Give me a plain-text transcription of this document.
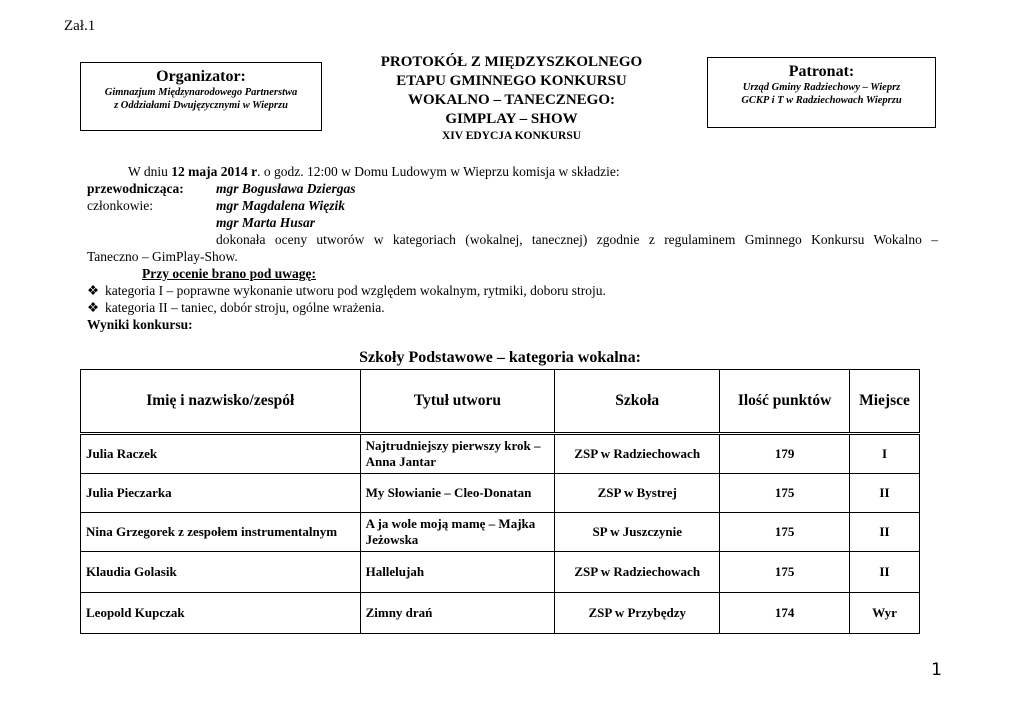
Zał.1
Organizator:
Gimnazjum Międzynarodowego Partnerstwa
z Oddziałami Dwujęzycznymi w Wieprzu
PROTOKÓŁ Z MIĘDZYSZKOLNEGO
ETAPU GMINNEGO KONKURSU
WOKALNO – TANECZNEGO:
GIMPLAY – SHOW
XIV EDYCJA KONKURSU
Patronat:
Urząd Gminy Radziechowy – Wieprz
GCKP i T w Radziechowach Wieprzu
W dniu 12 maja 2014 r. o godz. 12:00 w Domu Ludowym w Wieprzu komisja w składzie:
przewodnicząca: mgr Bogusława Dziergas
członkowie:	mgr Magdalena Więzik
mgr Marta Husar
dokonała oceny utworów w kategoriach (wokalnej, tanecznej) zgodnie z regulaminem Gminnego Konkursu Wokalno –
Taneczno – GimPlay-Show.
Przy ocenie brano pod uwagę:
❖ kategoria I – poprawne wykonanie utworu pod względem wokalnym, rytmiki, doboru stroju.
❖ kategoria II – taniec, dobór stroju, ogólne wrażenia.
Wyniki konkursu:
Szkoły Podstawowe – kategoria wokalna:
Imię i nazwisko/zespół	Tytuł utworu	Szkoła	Ilość punktów	Miejsce
Julia Raczek	Najtrudniejszy pierwszy krok – Anna Jantar	ZSP w Radziechowach	179	I
Julia Pieczarka	My Słowianie – Cleo-Donatan	ZSP w Bystrej	175	II
Nina Grzegorek z zespołem instrumentalnym	A ja wole moją mamę – Majka Jeżowska	SP w Juszczynie	175	II
Klaudia Golasik	Hallelujah	ZSP w Radziechowach	175	II
Leopold Kupczak	Zimny drań	ZSP w Przybędzy	174	Wyr
1
